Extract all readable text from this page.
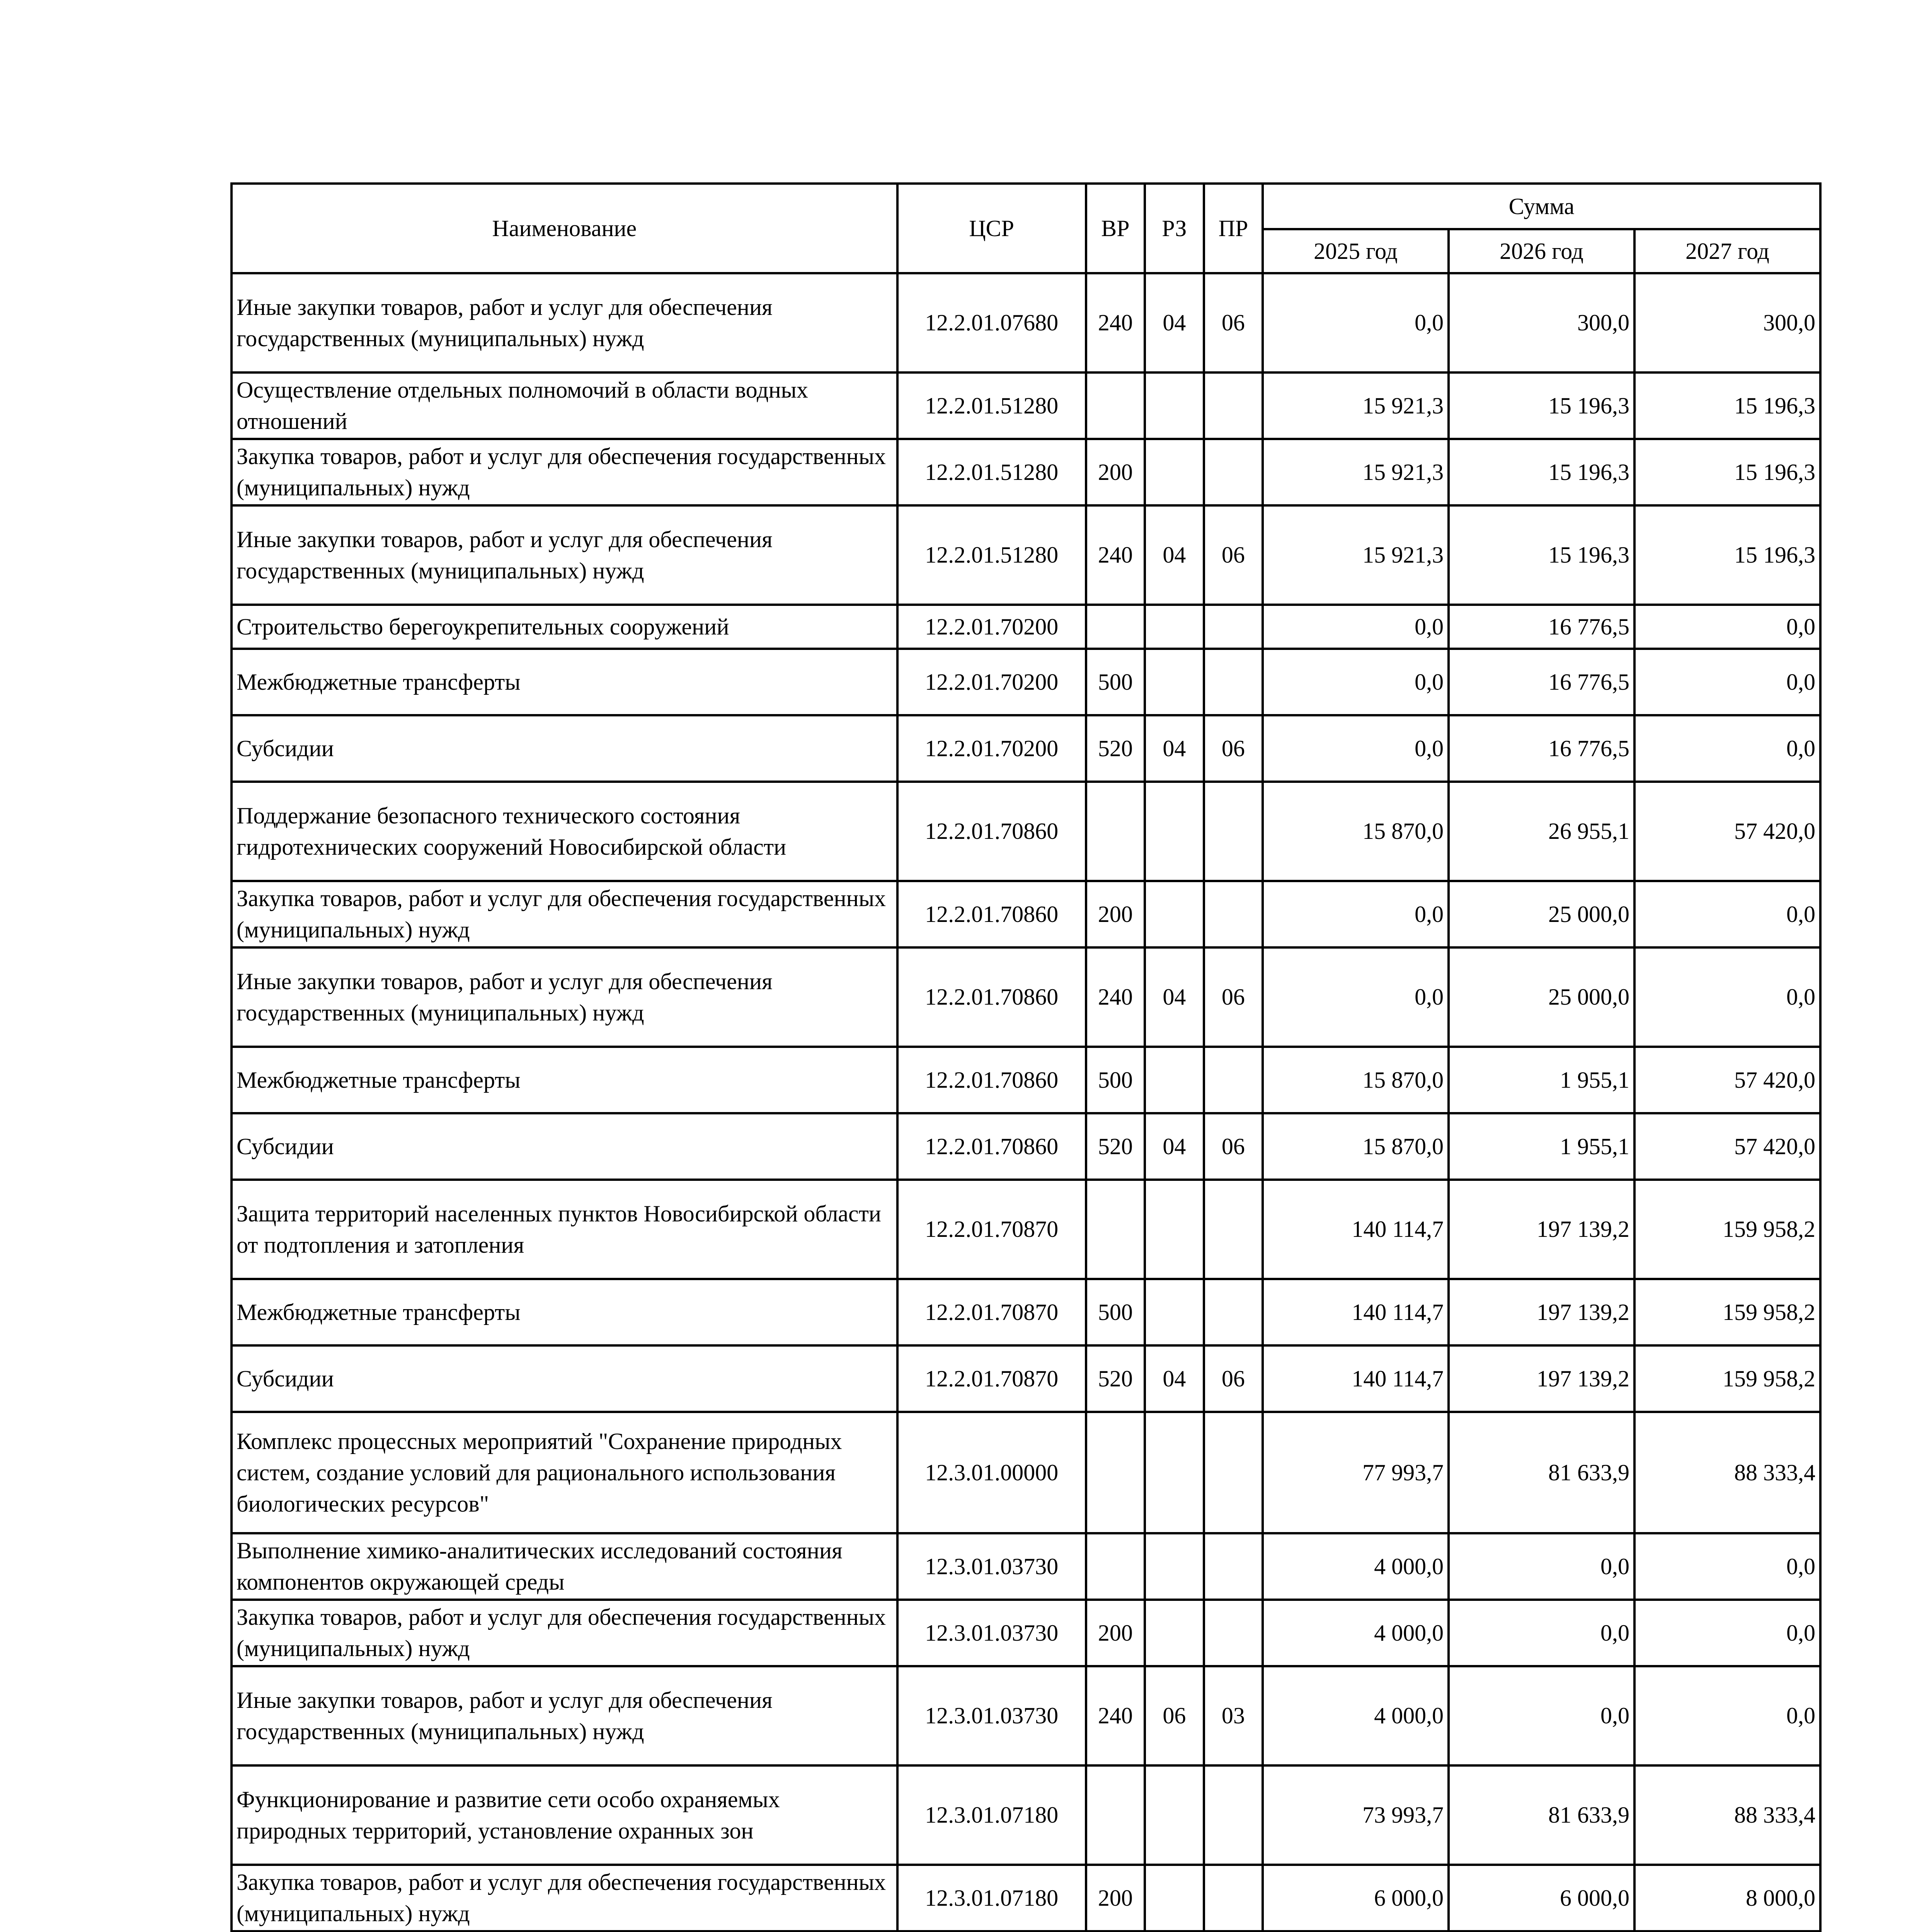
Наименование	ЦСР	ВР	РЗ	ПР	Сумма		
					2025 год	2026 год	2027 год
Иные закупки товаров, работ и услуг для обеспечения государственных (муниципальных) нужд	12.2.01.07680	240	04	06	0,0	300,0	300,0
Осуществление отдельных полномочий в области водных отношений	12.2.01.51280				15 921,3	15 196,3	15 196,3
Закупка товаров, работ и услуг для обеспечения государственных (муниципальных) нужд	12.2.01.51280	200			15 921,3	15 196,3	15 196,3
Иные закупки товаров, работ и услуг для обеспечения государственных (муниципальных) нужд	12.2.01.51280	240	04	06	15 921,3	15 196,3	15 196,3
Строительство берегоукрепительных сооружений	12.2.01.70200				0,0	16 776,5	0,0
Межбюджетные трансферты	12.2.01.70200	500			0,0	16 776,5	0,0
Субсидии	12.2.01.70200	520	04	06	0,0	16 776,5	0,0
Поддержание безопасного технического состояния гидротехнических сооружений Новосибирской области	12.2.01.70860				15 870,0	26 955,1	57 420,0
Закупка товаров, работ и услуг для обеспечения государственных (муниципальных) нужд	12.2.01.70860	200			0,0	25 000,0	0,0
Иные закупки товаров, работ и услуг для обеспечения государственных (муниципальных) нужд	12.2.01.70860	240	04	06	0,0	25 000,0	0,0
Межбюджетные трансферты	12.2.01.70860	500			15 870,0	1 955,1	57 420,0
Субсидии	12.2.01.70860	520	04	06	15 870,0	1 955,1	57 420,0
Защита территорий населенных пунктов Новосибирской области от подтопления и затопления	12.2.01.70870				140 114,7	197 139,2	159 958,2
Межбюджетные трансферты	12.2.01.70870	500			140 114,7	197 139,2	159 958,2
Субсидии	12.2.01.70870	520	04	06	140 114,7	197 139,2	159 958,2
Комплекс процессных мероприятий "Сохранение природных систем, создание условий для рационального использования биологических ресурсов"	12.3.01.00000				77 993,7	81 633,9	88 333,4
Выполнение химико-аналитических исследований состояния компонентов окружающей среды	12.3.01.03730				4 000,0	0,0	0,0
Закупка товаров, работ и услуг для обеспечения государственных (муниципальных) нужд	12.3.01.03730	200			4 000,0	0,0	0,0
Иные закупки товаров, работ и услуг для обеспечения государственных (муниципальных) нужд	12.3.01.03730	240	06	03	4 000,0	0,0	0,0
Функционирование и развитие сети особо охраняемых природных территорий, установление охранных зон	12.3.01.07180				73 993,7	81 633,9	88 333,4
Закупка товаров, работ и услуг для обеспечения государственных (муниципальных) нужд	12.3.01.07180	200			6 000,0	6 000,0	8 000,0
